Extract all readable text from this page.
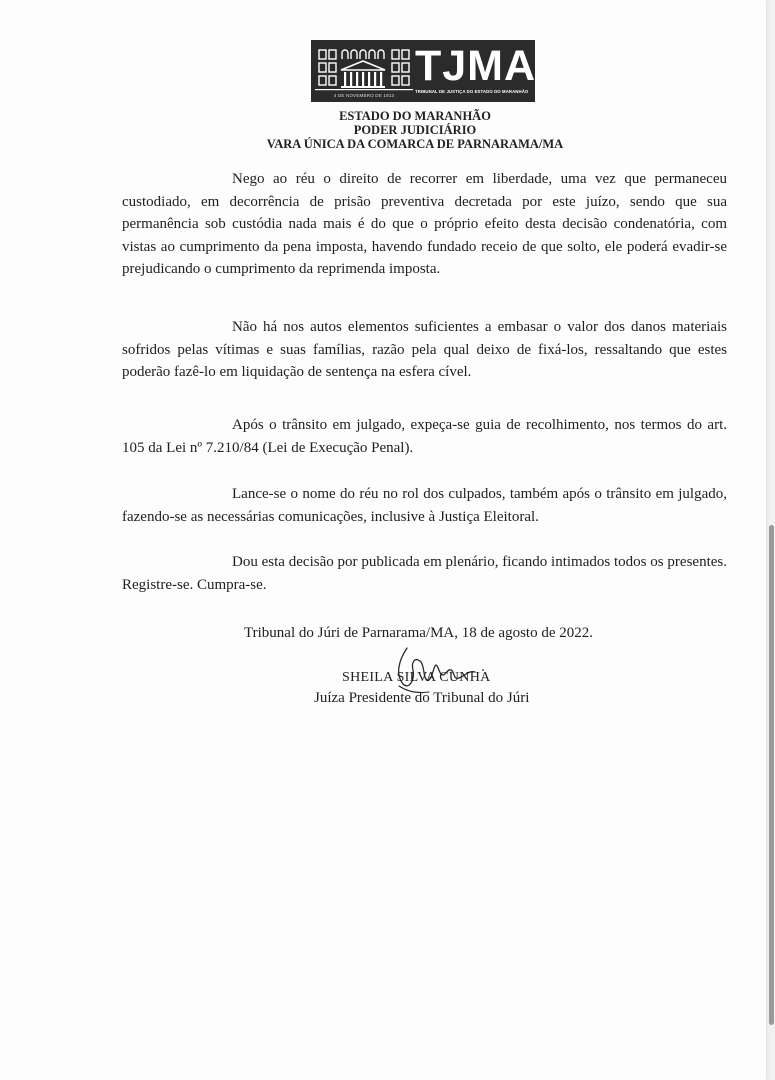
4 DE NOVEMBRO DE 1813
TJMA
TRIBUNAL DE JUSTIÇA DO ESTADO DO MARANHÃO
ESTADO DO MARANHÃO
PODER JUDICIÁRIO
VARA ÚNICA DA COMARCA DE PARNARAMA/MA
Nego ao réu o direito de recorrer em liberdade, uma vez que permaneceu custodiado, em decorrência de prisão preventiva decretada por este juízo, sendo que sua permanência sob custódia nada mais é do que o próprio efeito desta decisão condenatória, com vistas ao cumprimento da pena imposta, havendo fundado receio de que solto, ele poderá evadir-se prejudicando o cumprimento da reprimenda imposta.
Não há nos autos elementos suficientes a embasar o valor dos danos materiais sofridos pelas vítimas e suas famílias, razão pela qual deixo de fixá-los, ressaltando que estes poderão fazê-lo em liquidação de sentença na esfera cível.
Após o trânsito em julgado, expeça-se guia de recolhimento, nos termos do art. 105 da Lei nº 7.210/84 (Lei de Execução Penal).
Lance-se o nome do réu no rol dos culpados, também após o trânsito em julgado, fazendo-se as necessárias comunicações, inclusive à Justiça Eleitoral.
Dou esta decisão por publicada em plenário, ficando intimados todos os presentes. Registre-se. Cumpra-se.
Tribunal do Júri de Parnarama/MA, 18 de agosto de 2022.
SHEILA SILVA CUNHA
Juíza Presidente do Tribunal do Júri
